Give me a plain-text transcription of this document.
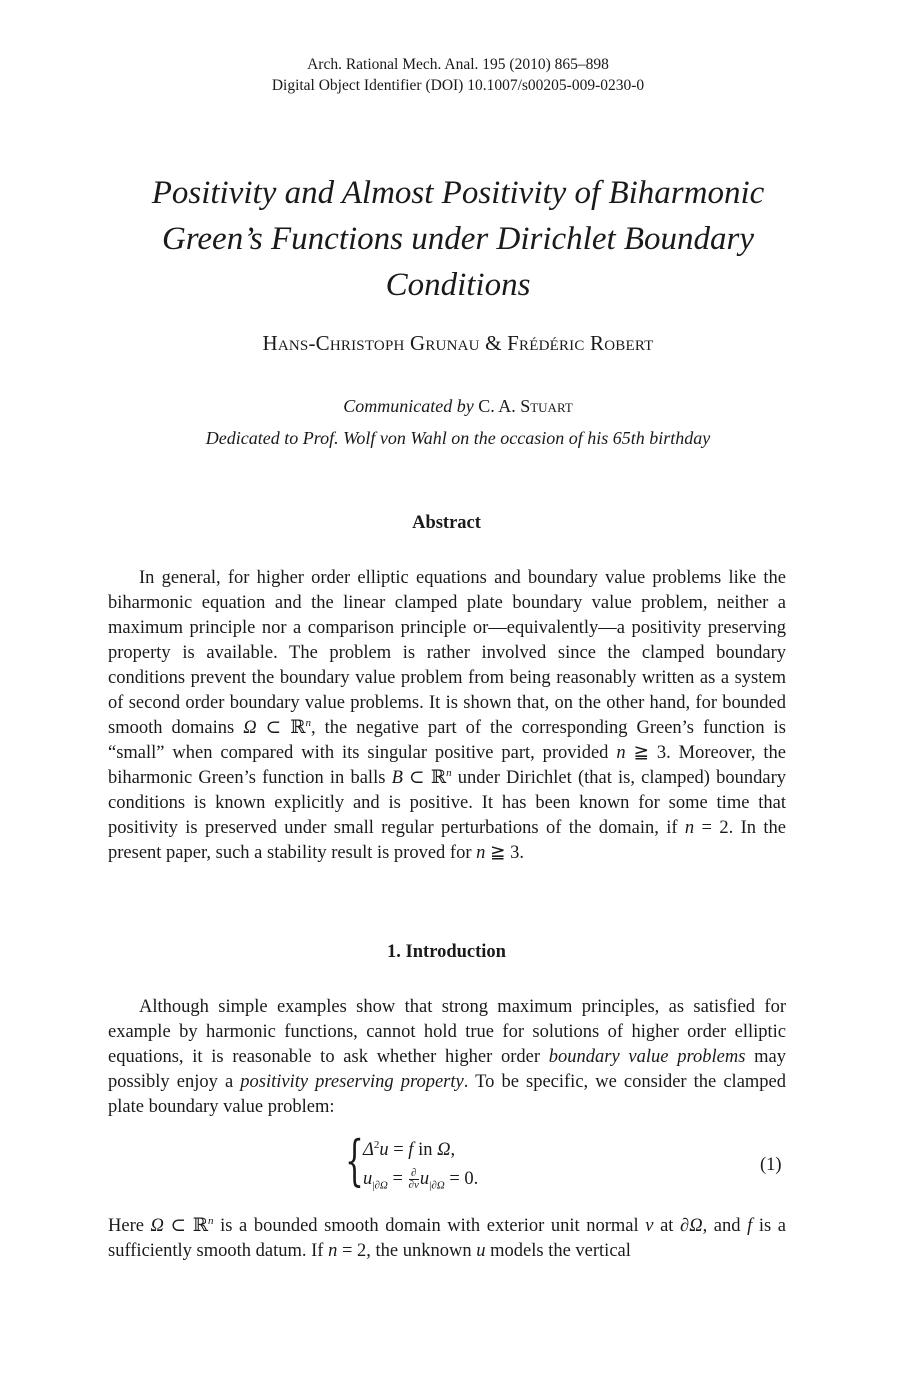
Arch. Rational Mech. Anal. 195 (2010) 865–898
Digital Object Identifier (DOI) 10.1007/s00205-009-0230-0
Positivity and Almost Positivity of Biharmonic
Green’s Functions under Dirichlet Boundary
Conditions
Hans-Christoph Grunau & Frédéric Robert
Communicated by C. A. Stuart
Dedicated to Prof. Wolf von Wahl on the occasion of his 65th birthday
Abstract

In general, for higher order elliptic equations and boundary value problems like the biharmonic equation and the linear clamped plate boundary value problem, neither a maximum principle nor a comparison principle or—equivalently—a positivity preserving property is available. The problem is rather involved since the clamped boundary conditions prevent the boundary value problem from being reasonably written as a system of second order boundary value problems. It is shown that, on the other hand, for bounded smooth domains Ω ⊂ ℝ$^n$, the negative part of the corresponding Green’s function is “small” when compared with its singular positive part, provided n ≧ 3. Moreover, the biharmonic Green’s function in balls B ⊂ ℝ$^n$ under Dirichlet (that is, clamped) boundary conditions is known explicitly and is positive. It has been known for some time that positivity is preserved under small regular perturbations of the domain, if n = 2. In the present paper, such a stability result is proved for n ≧ 3.

1. Introduction

Although simple examples show that strong maximum principles, as satisfied for example by harmonic functions, cannot hold true for solutions of higher order elliptic equations, it is reasonable to ask whether higher order boundary value problems may possibly enjoy a positivity preserving property. To be specific, we consider the clamped plate boundary value problem:

{ $\Delta^2u = f$ in Ω,
$u_{|\partial\Omega} = \frac{\partial}{\partial\nu} u_{|\partial\Omega} = 0$.
(1)

Here Ω ⊂ ℝ$^n$ is a bounded smooth domain with exterior unit normal ν at ∂Ω, and f is a sufficiently smooth datum. If n = 2, the unknown u models the vertical
